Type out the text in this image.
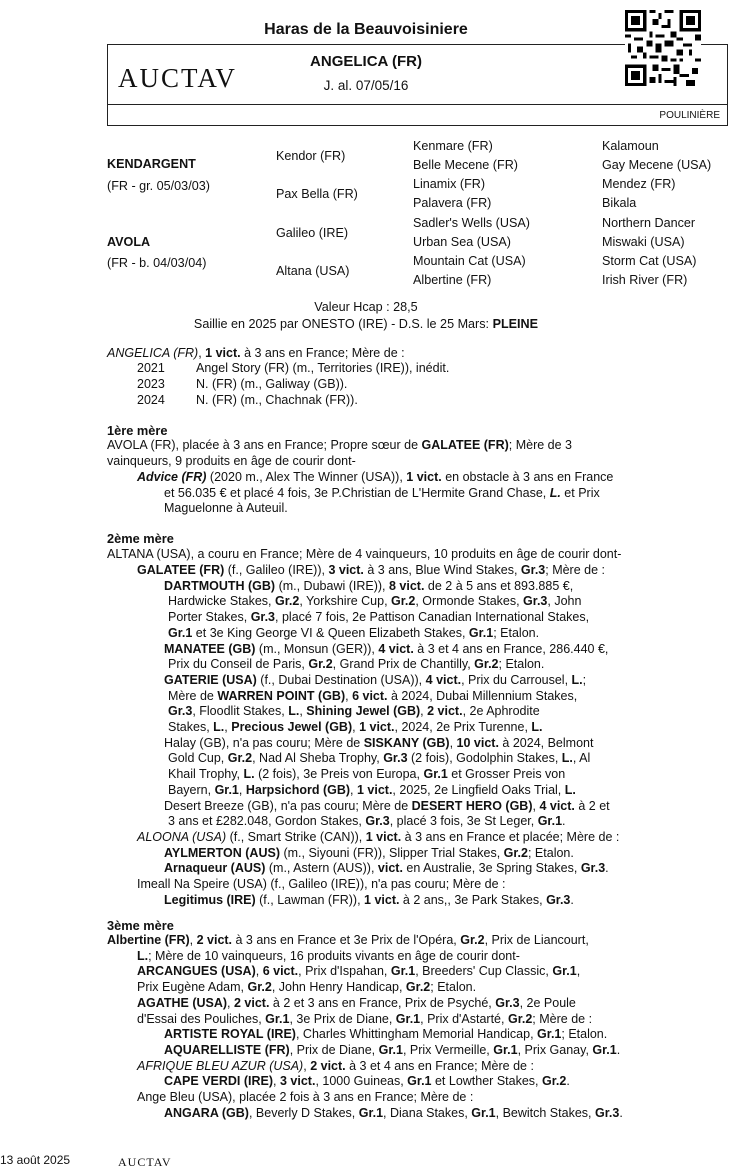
Haras de la Beauvoisiniere
AUCTAV
ANGELICA (FR)
J. al. 07/05/16
POULINIÈRE
KENDARGENT
(FR - gr. 05/03/03)
AVOLA
(FR - b. 04/03/04)
Kendor (FR)
Pax Bella (FR)
Galileo (IRE)
Altana (USA)
Kenmare (FR)
Belle Mecene (FR)
Linamix (FR)
Palavera (FR)
Sadler's Wells (USA)
Urban Sea (USA)
Mountain Cat (USA)
Albertine (FR)
Kalamoun
Gay Mecene (USA)
Mendez (FR)
Bikala
Northern Dancer
Miswaki (USA)
Storm Cat (USA)
Irish River (FR)
Valeur Hcap : 28,5
Saillie en 2025 par ONESTO (IRE) - D.S. le 25 Mars: PLEINE
ANGELICA (FR), 1 vict. à 3 ans en France; Mère de :
2021 Angel Story (FR) (m., Territories (IRE)), inédit.
2023 N. (FR) (m., Galiway (GB)).
2024 N. (FR) (m., Chachnak (FR)).
1ère mère
AVOLA (FR), placée à 3 ans en France; Propre sœur de GALATEE (FR); Mère de 3
vainqueurs, 9 produits en âge de courir dont-
Advice (FR) (2020 m., Alex The Winner (USA)), 1 vict. en obstacle à 3 ans en France
et 56.035 € et placé 4 fois, 3e P.Christian de L'Hermite Grand Chase, L. et Prix
Maguelonne à Auteuil.
2ème mère
ALTANA (USA), a couru en France; Mère de 4 vainqueurs, 10 produits en âge de courir dont-
GALATEE (FR) (f., Galileo (IRE)), 3 vict. à 3 ans, Blue Wind Stakes, Gr.3; Mère de :
DARTMOUTH (GB) (m., Dubawi (IRE)), 8 vict. de 2 à 5 ans et 893.885 €,
Hardwicke Stakes, Gr.2, Yorkshire Cup, Gr.2, Ormonde Stakes, Gr.3, John
Porter Stakes, Gr.3, placé 7 fois, 2e Pattison Canadian International Stakes,
Gr.1 et 3e King George VI & Queen Elizabeth Stakes, Gr.1; Etalon.
MANATEE (GB) (m., Monsun (GER)), 4 vict. à 3 et 4 ans en France, 286.440 €,
Prix du Conseil de Paris, Gr.2, Grand Prix de Chantilly, Gr.2; Etalon.
GATERIE (USA) (f., Dubai Destination (USA)), 4 vict., Prix du Carrousel, L.;
Mère de WARREN POINT (GB), 6 vict. à 2024, Dubai Millennium Stakes,
Gr.3, Floodlit Stakes, L., Shining Jewel (GB), 2 vict., 2e Aphrodite
Stakes, L., Precious Jewel (GB), 1 vict., 2024, 2e Prix Turenne, L.
Halay (GB), n'a pas couru; Mère de SISKANY (GB), 10 vict. à 2024, Belmont
Gold Cup, Gr.2, Nad Al Sheba Trophy, Gr.3 (2 fois), Godolphin Stakes, L., Al
Khail Trophy, L. (2 fois), 3e Preis von Europa, Gr.1 et Grosser Preis von
Bayern, Gr.1, Harpsichord (GB), 1 vict., 2025, 2e Lingfield Oaks Trial, L.
Desert Breeze (GB), n'a pas couru; Mère de DESERT HERO (GB), 4 vict. à 2 et
3 ans et £282.048, Gordon Stakes, Gr.3, placé 3 fois, 3e St Leger, Gr.1.
ALOONA (USA) (f., Smart Strike (CAN)), 1 vict. à 3 ans en France et placée; Mère de :
AYLMERTON (AUS) (m., Siyouni (FR)), Slipper Trial Stakes, Gr.2; Etalon.
Arnaqueur (AUS) (m., Astern (AUS)), vict. en Australie, 3e Spring Stakes, Gr.3.
Imeall Na Speire (USA) (f., Galileo (IRE)), n'a pas couru; Mère de :
Legitimus (IRE) (f., Lawman (FR)), 1 vict. à 2 ans,, 3e Park Stakes, Gr.3.
3ème mère
Albertine (FR), 2 vict. à 3 ans en France et 3e Prix de l'Opéra, Gr.2, Prix de Liancourt,
L.; Mère de 10 vainqueurs, 16 produits vivants en âge de courir dont-
ARCANGUES (USA), 6 vict., Prix d'Ispahan, Gr.1, Breeders' Cup Classic, Gr.1,
Prix Eugène Adam, Gr.2, John Henry Handicap, Gr.2; Etalon.
AGATHE (USA), 2 vict. à 2 et 3 ans en France, Prix de Psyché, Gr.3, 2e Poule
d'Essai des Pouliches, Gr.1, 3e Prix de Diane, Gr.1, Prix d'Astarté, Gr.2; Mère de :
ARTISTE ROYAL (IRE), Charles Whittingham Memorial Handicap, Gr.1; Etalon.
AQUARELLISTE (FR), Prix de Diane, Gr.1, Prix Vermeille, Gr.1, Prix Ganay, Gr.1.
AFRIQUE BLEU AZUR (USA), 2 vict. à 3 et 4 ans en France; Mère de :
CAPE VERDI (IRE), 3 vict., 1000 Guineas, Gr.1 et Lowther Stakes, Gr.2.
Ange Bleu (USA), placée 2 fois à 3 ans en France; Mère de :
ANGARA (GB), Beverly D Stakes, Gr.1, Diana Stakes, Gr.1, Bewitch Stakes, Gr.3.
13 août 2025	AUCTAV
